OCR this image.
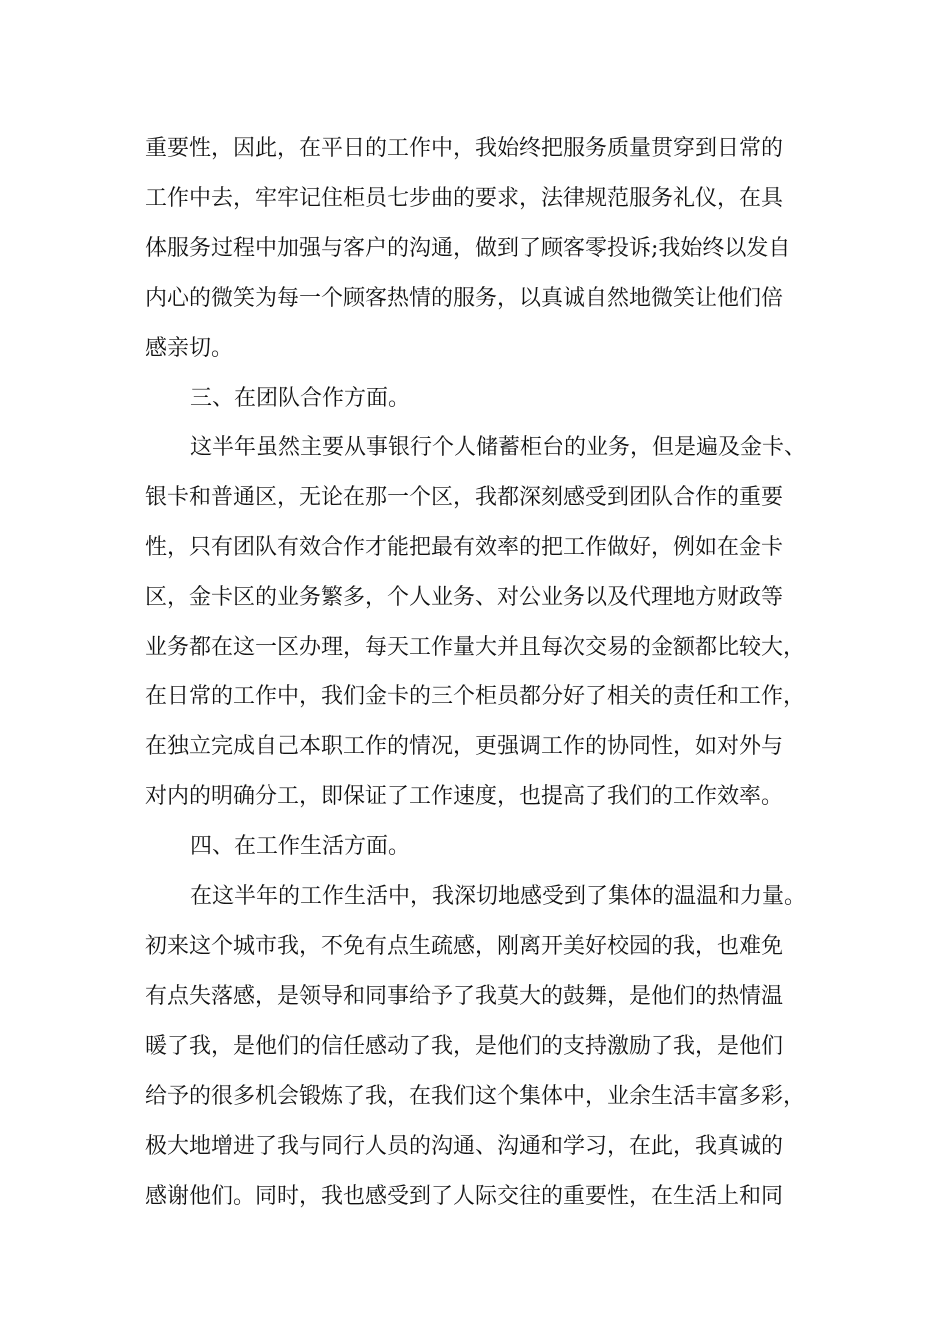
重要性，因此，在平日的工作中，我始终把服务质量贯穿到日常的
工作中去，牢牢记住柜员七步曲的要求，法律规范服务礼仪，在具
体服务过程中加强与客户的沟通，做到了顾客零投诉;我始终以发自
内心的微笑为每一个顾客热情的服务，以真诚自然地微笑让他们倍
感亲切。
三、在团队合作方面。
这半年虽然主要从事银行个人储蓄柜台的业务，但是遍及金卡、
银卡和普通区，无论在那一个区，我都深刻感受到团队合作的重要
性，只有团队有效合作才能把最有效率的把工作做好，例如在金卡
区，金卡区的业务繁多，个人业务、对公业务以及代理地方财政等
业务都在这一区办理，每天工作量大并且每次交易的金额都比较大，
在日常的工作中，我们金卡的三个柜员都分好了相关的责任和工作，
在独立完成自己本职工作的情况，更强调工作的协同性，如对外与
对内的明确分工，即保证了工作速度，也提高了我们的工作效率。
四、在工作生活方面。
在这半年的工作生活中，我深切地感受到了集体的温温和力量。
初来这个城市我，不免有点生疏感，刚离开美好校园的我，也难免
有点失落感，是领导和同事给予了我莫大的鼓舞，是他们的热情温
暖了我，是他们的信任感动了我，是他们的支持激励了我，是他们
给予的很多机会锻炼了我，在我们这个集体中，业余生活丰富多彩，
极大地增进了我与同行人员的沟通、沟通和学习，在此，我真诚的
感谢他们。同时，我也感受到了人际交往的重要性，在生活上和同
